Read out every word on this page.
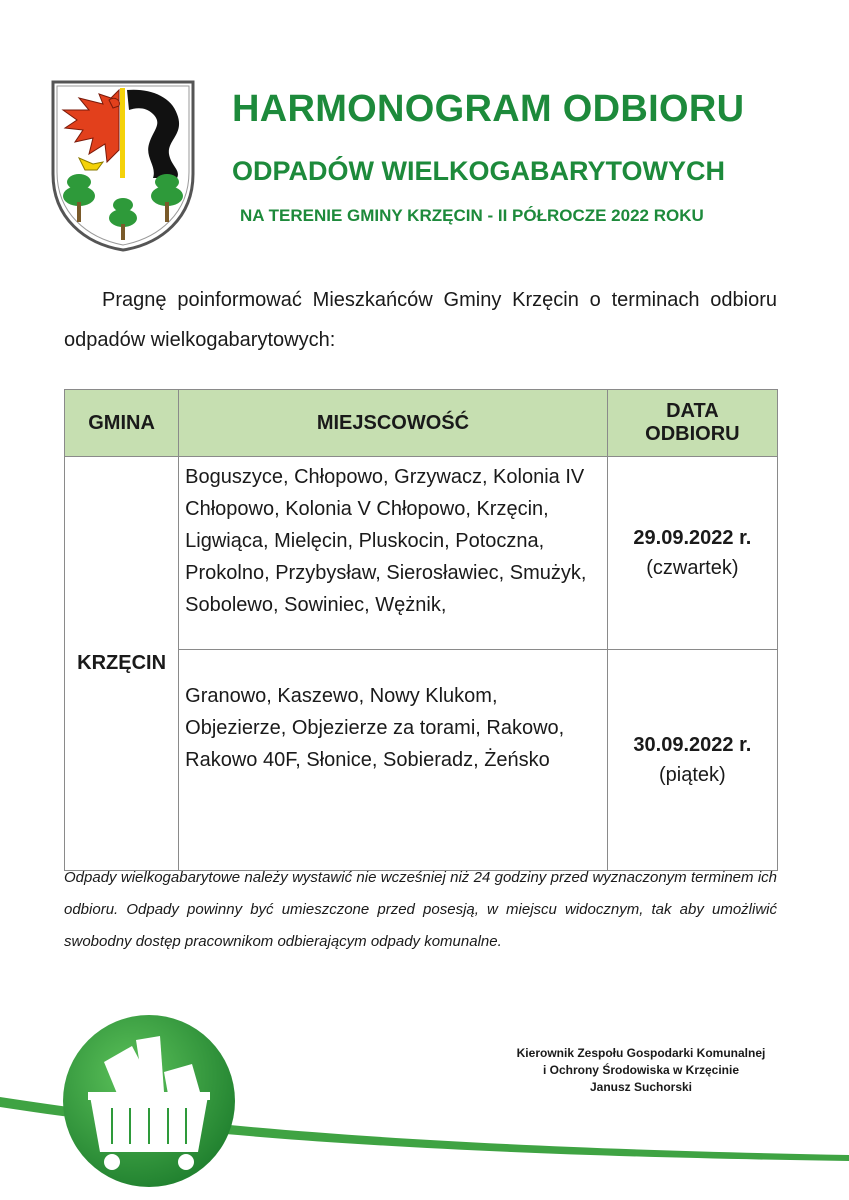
HARMONOGRAM ODBIORU
ODPADÓW WIELKOGABARYTOWYCH
NA TERENIE GMINY KRZĘCIN - II PÓŁROCZE 2022 ROKU

Pragnę poinformować Mieszkańców Gminy Krzęcin o terminach odbioru odpadów wielkogabarytowych:

GMINA	MIEJSCOWOŚĆ	DATA
ODBIORU

KRZĘCIN	Boguszyce, Chłopowo, Grzywacz, Kolonia IV Chłopowo, Kolonia V Chłopowo, Krzęcin, Ligwiąca, Mielęcin, Pluskocin, Potoczna, Prokolno, Przybysław, Sierosławiec, Smużyk, Sobolewo, Sowiniec, Wężnik,	29.09.2022 r.
(czwartek)

	Granowo, Kaszewo, Nowy Klukom, Objezierze, Objezierze za torami, Rakowo, Rakowo 40F, Słonice, Sobieradz, Żeńsko	30.09.2022 r.
(piątek)

Odpady wielkogabarytowe należy wystawić nie wcześniej niż 24 godziny przed wyznaczonym terminem ich odbioru. Odpady powinny być umieszczone przed posesją, w miejscu widocznym, tak aby umożliwić swobodny dostęp pracownikom odbierającym odpady komunalne.

Kierownik Zespołu Gospodarki Komunalnej
i Ochrony Środowiska w Krzęcinie
Janusz Suchorski
